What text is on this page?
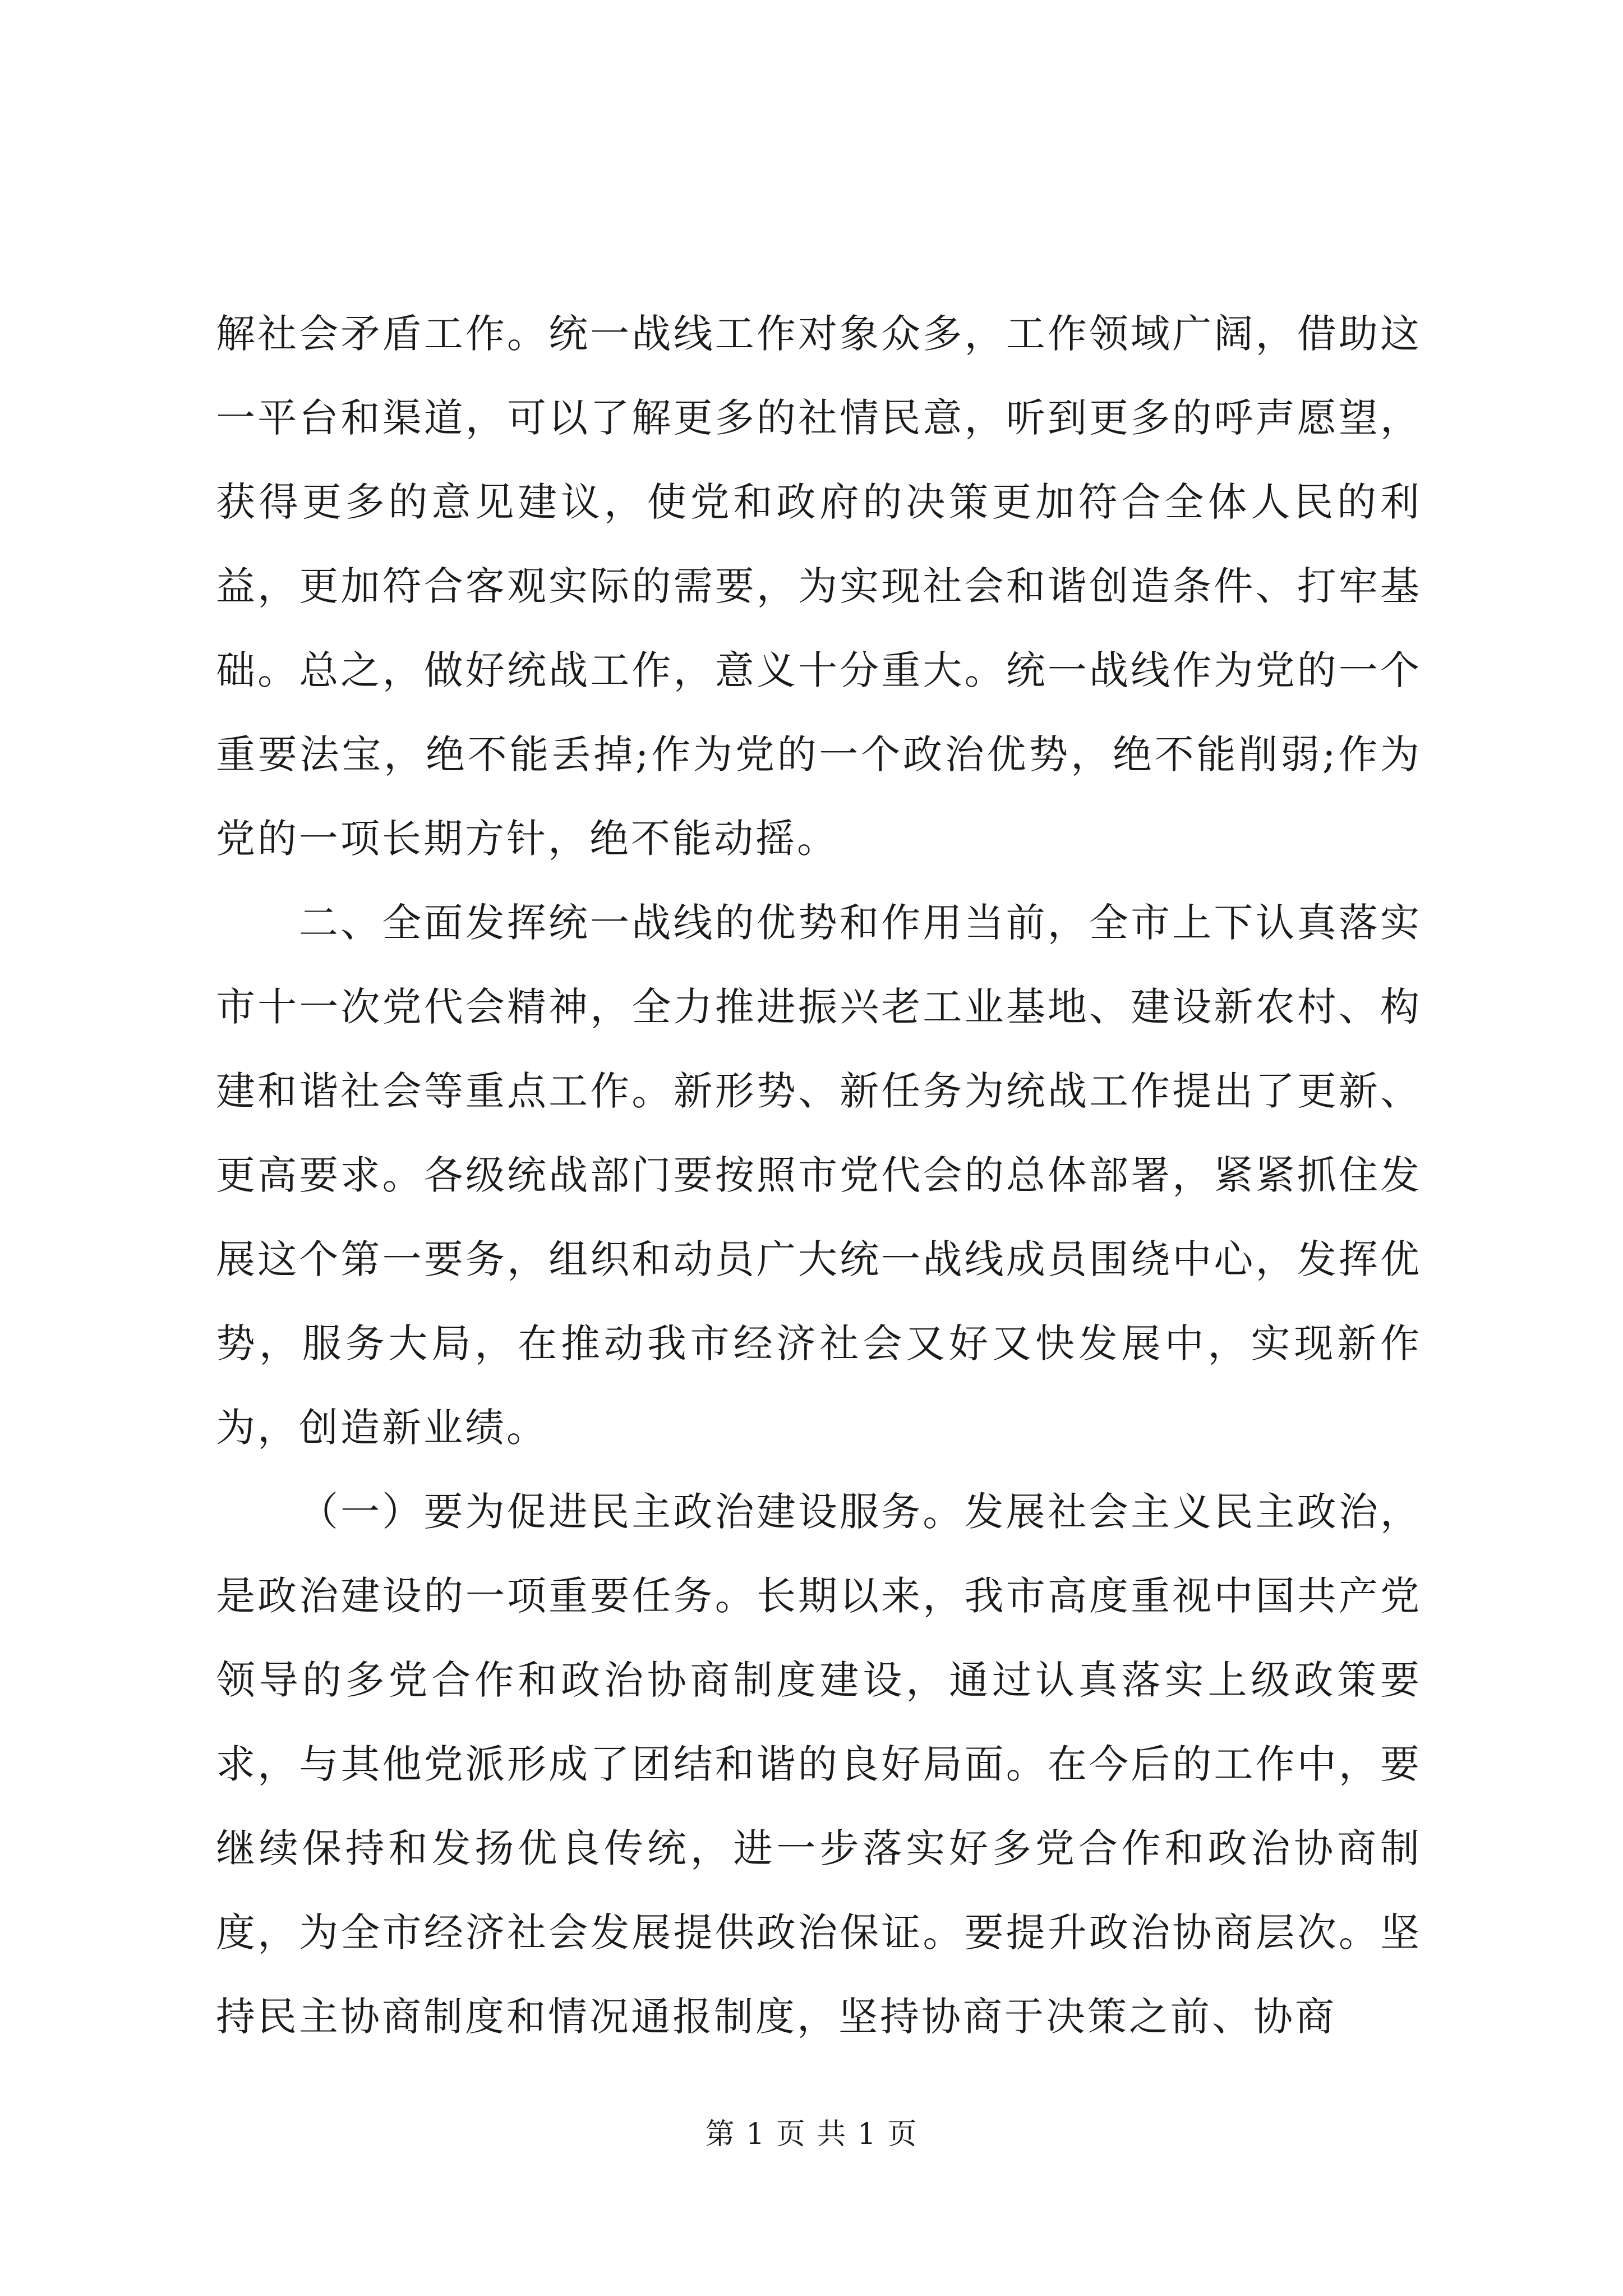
解社会矛盾工作。统一战线工作对象众多，工作领域广阔，借助这一平台和渠道，可以了解更多的社情民意，听到更多的呼声愿望，获得更多的意见建议，使党和政府的决策更加符合全体人民的利益，更加符合客观实际的需要，为实现社会和谐创造条件、打牢基础。总之，做好统战工作，意义十分重大。统一战线作为党的一个重要法宝，绝不能丢掉;作为党的一个政治优势，绝不能削弱;作为党的一项长期方针，绝不能动摇。

二、全面发挥统一战线的优势和作用当前，全市上下认真落实市十一次党代会精神，全力推进振兴老工业基地、建设新农村、构建和谐社会等重点工作。新形势、新任务为统战工作提出了更新、更高要求。各级统战部门要按照市党代会的总体部署，紧紧抓住发展这个第一要务，组织和动员广大统一战线成员围绕中心，发挥优势，服务大局，在推动我市经济社会又好又快发展中，实现新作为，创造新业绩。

（一）要为促进民主政治建设服务。发展社会主义民主政治，是政治建设的一项重要任务。长期以来，我市高度重视中国共产党领导的多党合作和政治协商制度建设，通过认真落实上级政策要求，与其他党派形成了团结和谐的良好局面。在今后的工作中，要继续保持和发扬优良传统，进一步落实好多党合作和政治协商制度，为全市经济社会发展提供政治保证。要提升政治协商层次。坚持民主协商制度和情况通报制度，坚持协商于决策之前、协商

第 1 页 共 1 页
